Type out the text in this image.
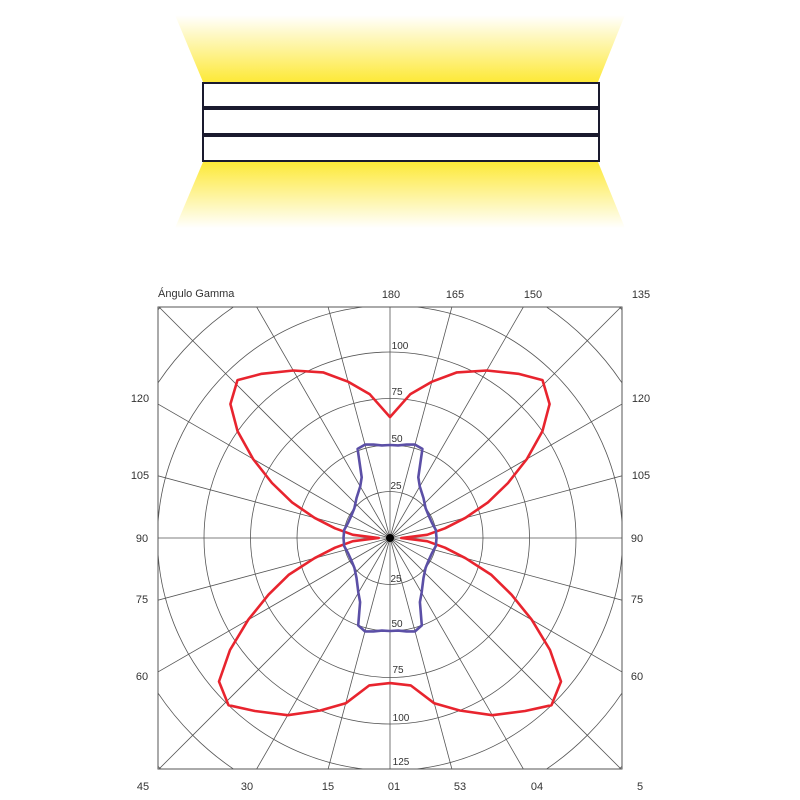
Ángulo Gamma	180	165	150	135
120
105
90
75
60
120
105
90
75
60
45	30	15	01	53	04	5
100
75
50
25
25
50
75
100
125
